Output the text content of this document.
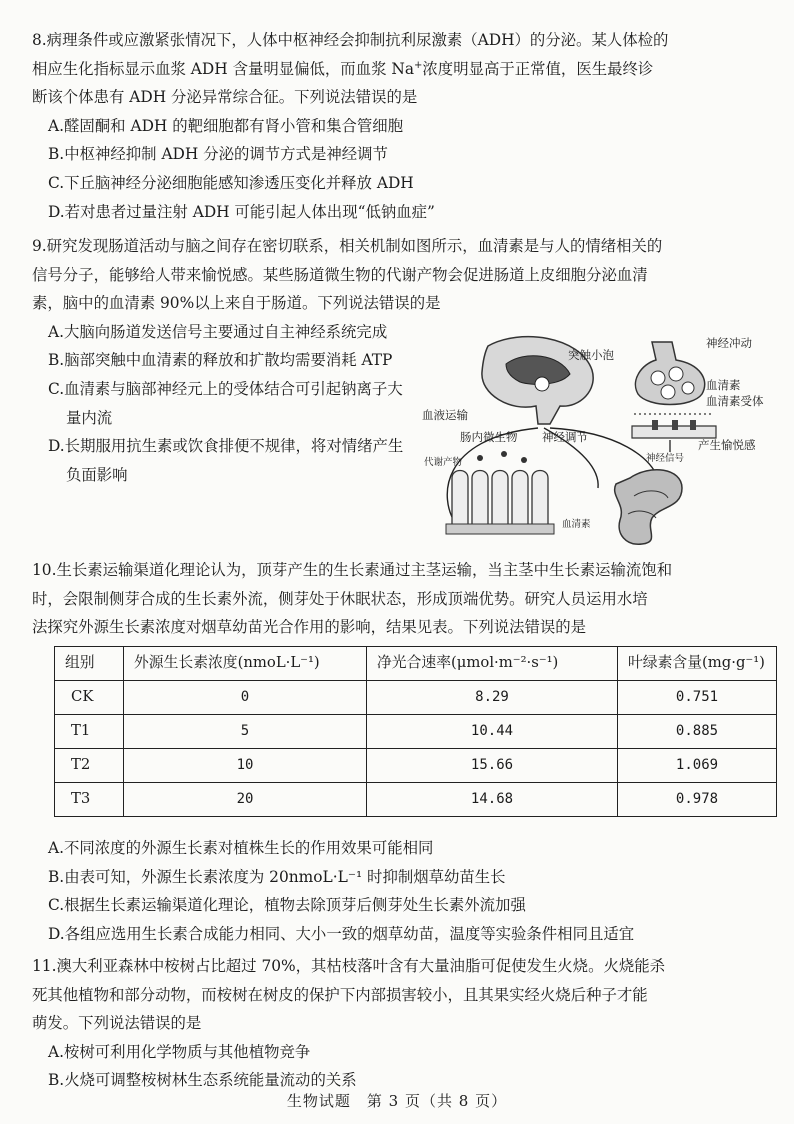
8.病理条件或应激紧张情况下，人体中枢神经会抑制抗利尿激素（ADH）的分泌。某人体检的

相应生化指标显示血浆 ADH 含量明显偏低，而血浆 Na+浓度明显高于正常值，医生最终诊

断该个体患有 ADH 分泌异常综合征。下列说法错误的是

A.醛固酮和 ADH 的靶细胞都有肾小管和集合管细胞

B.中枢神经抑制 ADH 分泌的调节方式是神经调节

C.下丘脑神经分泌细胞能感知渗透压变化并释放 ADH

D.若对患者过量注射 ADH 可能引起人体出现“低钠血症”

9.研究发现肠道活动与脑之间存在密切联系，相关机制如图所示，血清素是与人的情绪相关的

信号分子，能够给人带来愉悦感。某些肠道微生物的代谢产物会促进肠道上皮细胞分泌血清

素，脑中的血清素 90%以上来自于肠道。下列说法错误的是

A.大脑向肠道发送信号主要通过自主神经系统完成

B.脑部突触中血清素的释放和扩散均需要消耗 ATP

C.血清素与脑部神经元上的受体结合可引起钠离子大量内流

D.长期服用抗生素或饮食排便不规律，将对情绪产生负面影响

突触小泡
神经冲动
血清素
血清素受体
神经信号
产生愉悦感
血液运输
肠内微生物 神经调节
代谢产物
血清素

10.生长素运输渠道化理论认为，顶芽产生的生长素通过主茎运输，当主茎中生长素运输流饱和

时，会限制侧芽合成的生长素外流，侧芽处于休眠状态，形成顶端优势。研究人员运用水培

法探究外源生长素浓度对烟草幼苗光合作用的影响，结果见表。下列说法错误的是

组别	外源生长素浓度(nmoL·L⁻¹)	净光合速率(μmol·m⁻²·s⁻¹)	叶绿素含量(mg·g⁻¹)
CK	0	8.29	0.751
T1	5	10.44	0.885
T2	10	15.66	1.069
T3	20	14.68	0.978

A.不同浓度的外源生长素对植株生长的作用效果可能相同

B.由表可知，外源生长素浓度为 20nmoL·L⁻¹ 时抑制烟草幼苗生长

C.根据生长素运输渠道化理论，植物去除顶芽后侧芽处生长素外流加强

D.各组应选用生长素合成能力相同、大小一致的烟草幼苗，温度等实验条件相同且适宜

11.澳大利亚森林中桉树占比超过 70%，其枯枝落叶含有大量油脂可促使发生火烧。火烧能杀

死其他植物和部分动物，而桉树在树皮的保护下内部损害较小，且其果实经火烧后种子才能

萌发。下列说法错误的是

A.桉树可利用化学物质与其他植物竞争

B.火烧可调整桉树林生态系统能量流动的关系

生物试题　第 3 页（共 8 页）
